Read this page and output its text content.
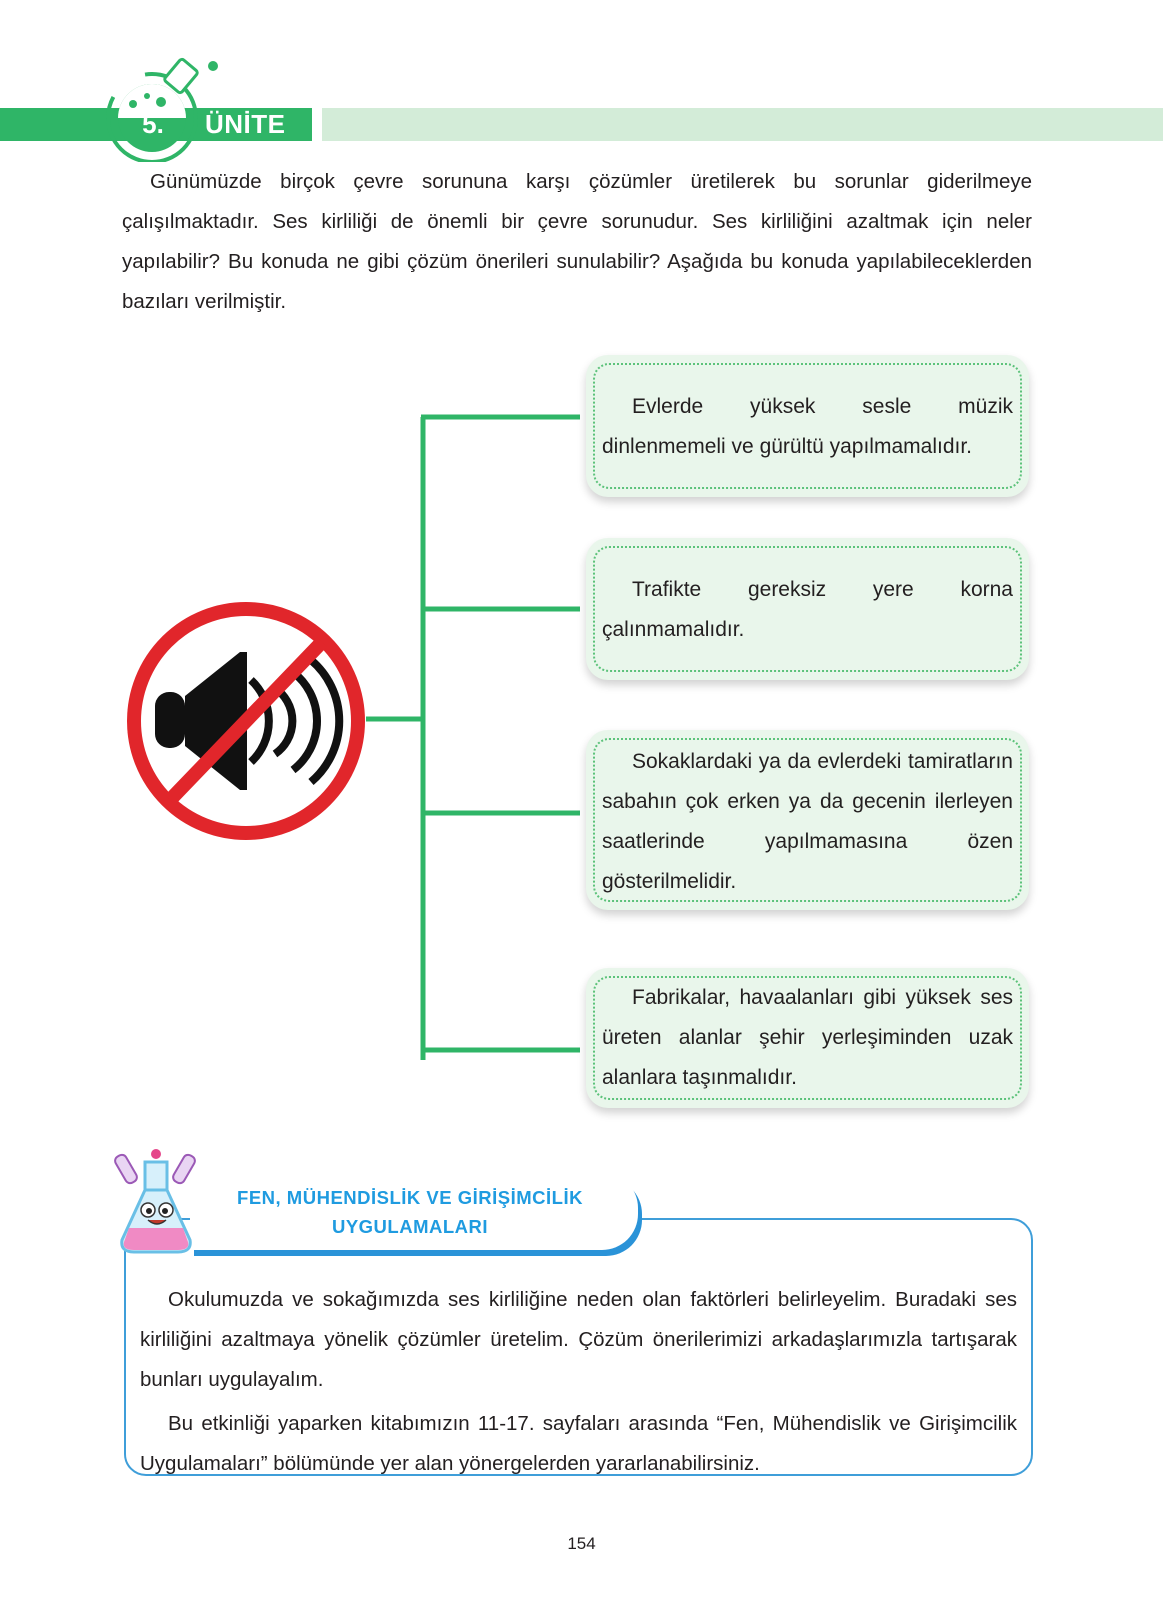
5.	ÜNİTE
Günümüzde birçok çevre sorununa karşı çözümler üretilerek bu sorunlar giderilmeye çalışılmaktadır. Ses kirliliği de önemli bir çevre sorunudur. Ses kirliliğini azaltmak için neler yapılabilir? Bu konuda ne gibi çözüm önerileri sunulabilir? Aşağıda bu konuda yapılabileceklerden bazıları verilmiştir.
Evlerde yüksek sesle müzik dinlenmemeli ve gürültü yapılmamalıdır.
Trafikte gereksiz yere korna çalınmamalıdır.
Sokaklardaki ya da evlerdeki tamiratların sabahın çok erken ya da gecenin ilerleyen saatlerinde yapılmamasına özen gösterilmelidir.
Fabrikalar, havaalanları gibi yüksek ses üreten alanlar şehir yerleşiminden uzak alanlara taşınmalıdır.
FEN, MÜHENDİSLİK VE GİRİŞİMCİLİK
UYGULAMALARI

Okulumuzda ve sokağımızda ses kirliliğine neden olan faktörleri belirleyelim. Buradaki ses kirliliğini azaltmaya yönelik çözümler üretelim. Çözüm önerilerimizi arkadaşlarımızla tartışarak bunları uygulayalım.

Bu etkinliği yaparken kitabımızın 11-17. sayfaları arasında “Fen, Mühendislik ve Girişimcilik Uygulamaları” bölümünde yer alan yönergelerden yararlanabilirsiniz.

154
